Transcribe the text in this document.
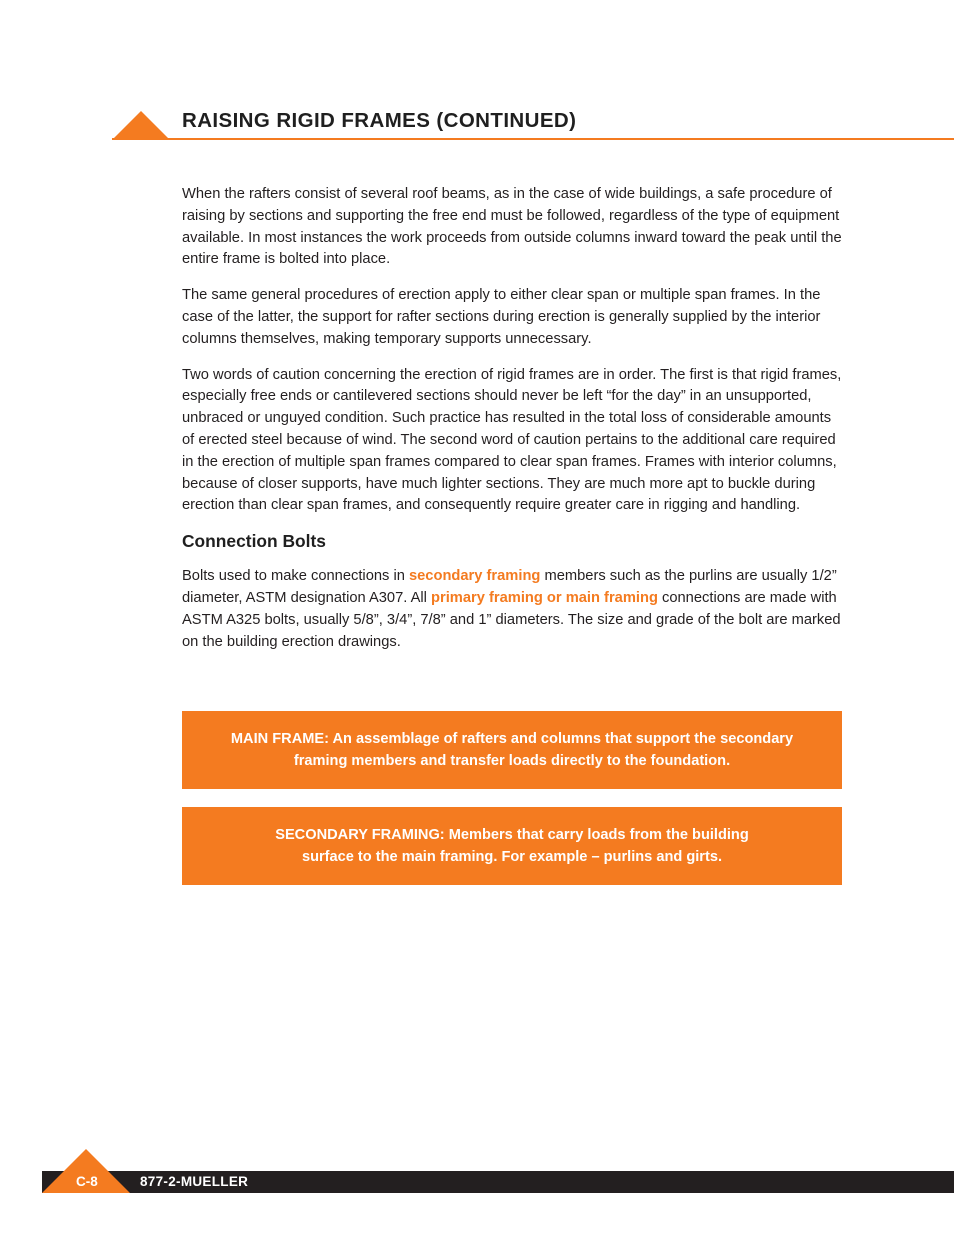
RAISING RIGID FRAMES (CONTINUED)

When the rafters consist of several roof beams, as in the case of wide buildings, a safe procedure of raising by sections and supporting the free end must be followed, regardless of the type of equipment available. In most instances the work proceeds from outside columns inward toward the peak until the entire frame is bolted into place.

The same general procedures of erection apply to either clear span or multiple span frames. In the case of the latter, the support for rafter sections during erection is generally supplied by the interior columns themselves, making temporary supports unnecessary.

Two words of caution concerning the erection of rigid frames are in order. The first is that rigid frames, especially free ends or cantilevered sections should never be left “for the day” in an unsupported, unbraced or unguyed condition. Such practice has resulted in the total loss of considerable amounts of erected steel because of wind. The second word of caution pertains to the additional care required in the erection of multiple span frames compared to clear span frames. Frames with interior columns, because of closer supports, have much lighter sections. They are much more apt to buckle during erection than clear span frames, and consequently require greater care in rigging and handling.

Connection Bolts

Bolts used to make connections in secondary framing members such as the purlins are usually 1/2” diameter, ASTM designation A307. All primary framing or main framing connections are made with ASTM A325 bolts, usually 5/8”, 3/4”, 7/8” and 1” diameters. The size and grade of the bolt are marked on the building erection drawings.

MAIN FRAME: An assemblage of rafters and columns that support the secondary
framing members and transfer loads directly to the foundation.

SECONDARY FRAMING: Members that carry loads from the building
surface to the main framing. For example – purlins and girts.

C-8	877-2-MUELLER
